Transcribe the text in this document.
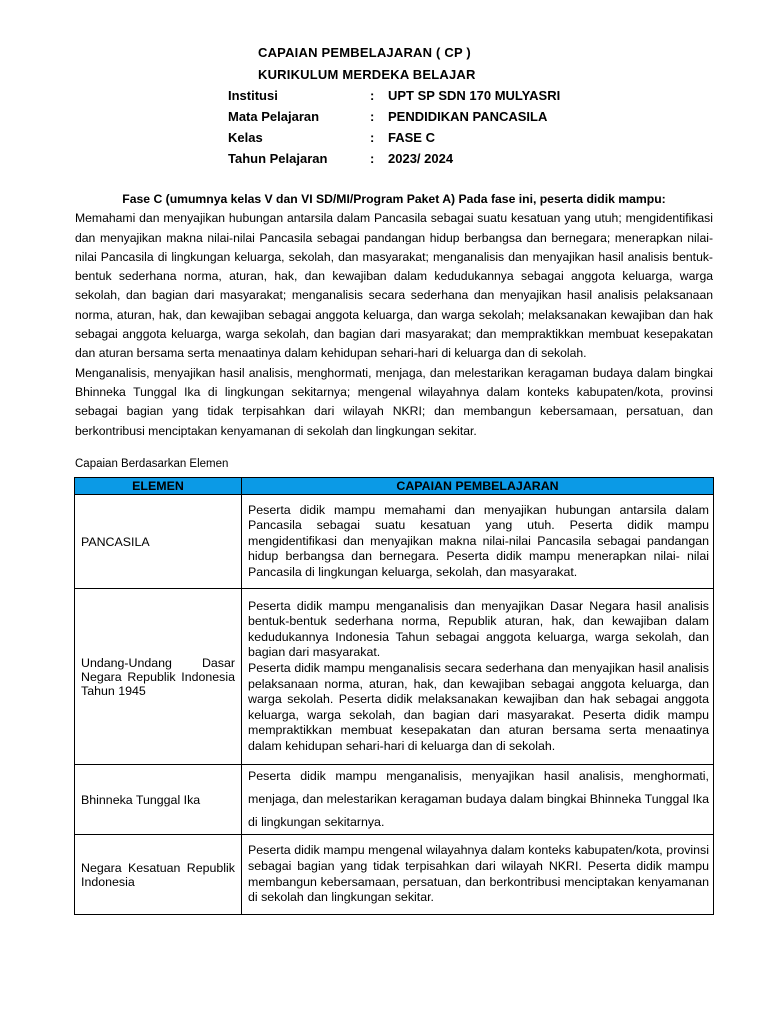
CAPAIAN PEMBELAJARAN ( CP )
KURIKULUM MERDEKA BELAJAR
Institusi	:	UPT SP SDN 170 MULYASRI
Mata Pelajaran	:	PENDIDIKAN PANCASILA
Kelas	:	FASE C
Tahun Pelajaran	:	2023/ 2024

Fase C (umumnya kelas V dan VI SD/MI/Program Paket A) Pada fase ini, peserta didik mampu:

Memahami dan menyajikan hubungan antarsila dalam Pancasila sebagai suatu kesatuan yang utuh; mengidentifikasi dan menyajikan makna nilai-nilai Pancasila sebagai pandangan hidup berbangsa dan bernegara; menerapkan nilai-nilai Pancasila di lingkungan keluarga, sekolah, dan masyarakat; menganalisis dan menyajikan hasil analisis bentuk-bentuk sederhana norma, aturan, hak, dan kewajiban dalam kedudukannya sebagai anggota keluarga, warga sekolah, dan bagian dari masyarakat; menganalisis secara sederhana dan menyajikan hasil analisis pelaksanaan norma, aturan, hak, dan kewajiban sebagai anggota keluarga, dan warga sekolah; melaksanakan kewajiban dan hak sebagai anggota keluarga, warga sekolah, dan bagian dari masyarakat; dan mempraktikkan membuat kesepakatan dan aturan bersama serta menaatinya dalam kehidupan sehari-hari di keluarga dan di sekolah.

Menganalisis, menyajikan hasil analisis, menghormati, menjaga, dan melestarikan keragaman budaya dalam bingkai Bhinneka Tunggal Ika di lingkungan sekitarnya; mengenal wilayahnya dalam konteks kabupaten/kota, provinsi sebagai bagian yang tidak terpisahkan dari wilayah NKRI; dan membangun kebersamaan, persatuan, dan berkontribusi menciptakan kenyamanan di sekolah dan lingkungan sekitar.

Capaian Berdasarkan Elemen
ELEMEN	CAPAIAN PEMBELAJARAN
PANCASILA	Peserta didik mampu memahami dan menyajikan hubungan antarsila dalam Pancasila sebagai suatu kesatuan yang utuh. Peserta didik mampu mengidentifikasi dan menyajikan makna nilai-nilai Pancasila sebagai pandangan hidup berbangsa dan bernegara. Peserta didik mampu menerapkan nilai- nilai Pancasila di lingkungan keluarga, sekolah, dan masyarakat.
Undang-Undang Dasar Negara Republik Indonesia Tahun 1945	Peserta didik mampu menganalisis dan menyajikan Dasar Negara hasil analisis bentuk-bentuk sederhana norma, Republik aturan, hak, dan kewajiban dalam kedudukannya Indonesia Tahun sebagai anggota keluarga, warga sekolah, dan bagian dari masyarakat.
Peserta didik mampu menganalisis secara sederhana dan menyajikan hasil analisis pelaksanaan norma, aturan, hak, dan kewajiban sebagai anggota keluarga, dan warga sekolah. Peserta didik melaksanakan kewajiban dan hak sebagai anggota keluarga, warga sekolah, dan bagian dari masyarakat. Peserta didik mampu mempraktikkan membuat kesepakatan dan aturan bersama serta menaatinya dalam kehidupan sehari-hari di keluarga dan di sekolah.

Bhinneka Tunggal Ika	Peserta didik mampu menganalisis, menyajikan hasil analisis, menghormati, menjaga, dan melestarikan keragaman budaya dalam bingkai Bhinneka Tunggal Ika di lingkungan sekitarnya.
Negara Kesatuan Republik Indonesia	Peserta didik mampu mengenal wilayahnya dalam konteks kabupaten/kota, provinsi sebagai bagian yang tidak terpisahkan dari wilayah NKRI. Peserta didik mampu membangun kebersamaan, persatuan, dan berkontribusi menciptakan kenyamanan di sekolah dan lingkungan sekitar.
